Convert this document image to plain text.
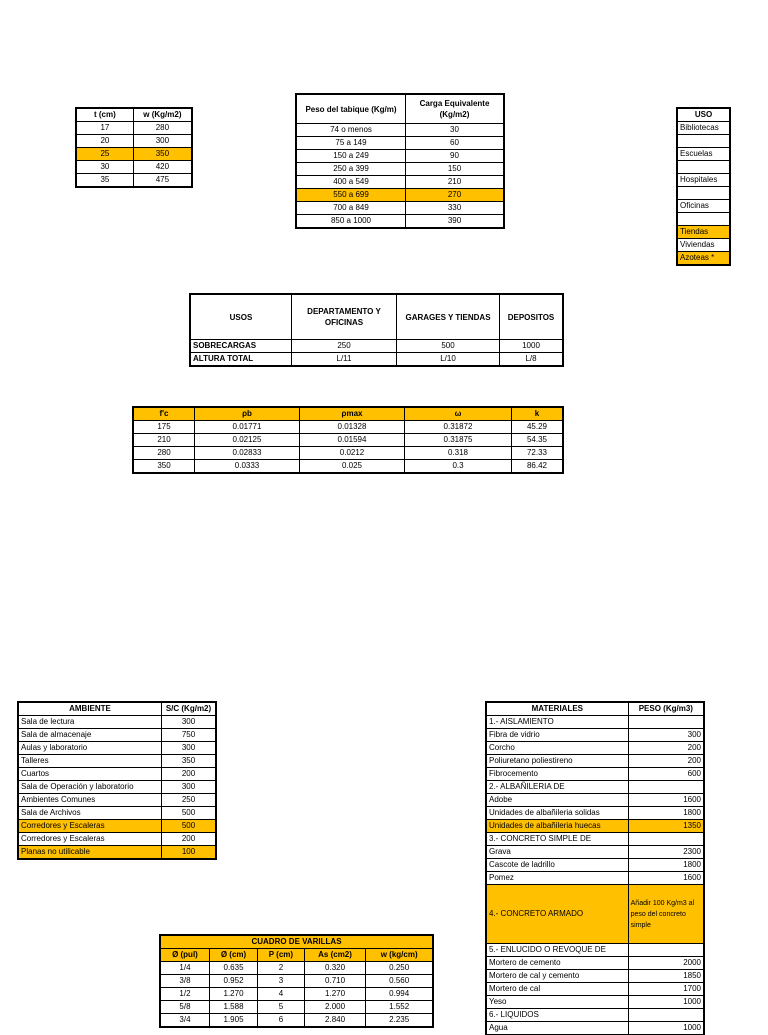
t (cm)	w (Kg/m2)
17	280
20	300
25	350
30	420
35	475
Peso del tabique (Kg/m)	Carga Equivalente (Kg/m2)
74 o menos	30
75 a 149	60
150 a 249	90
250 a 399	150
400 a 549	210
550 a 699	270
700 a 849	330
850 a 1000	390
USO
Bibliotecas

Escuelas

Hospitales

Oficinas

Tiendas
Viviendas
Azoteas *
USOS	DEPARTAMENTO Y OFICINAS	GARAGES Y TIENDAS	DEPOSITOS
SOBRECARGAS	250	500	1000
ALTURA TOTAL	L/11	L/10	L/8
f'c	ρb	ρmax	ω	k
175	0.01771	0.01328	0.31872	45.29
210	0.02125	0.01594	0.31875	54.35
280	0.02833	0.0212	0.318	72.33
350	0.0333	0.025	0.3	86.42
AMBIENTE	S/C (Kg/m2)
Sala de lectura	300
Sala de almacenaje	750
Aulas y laboratorio	300
Talleres	350
Cuartos	200
Sala de Operación y laboratorio	300
Ambientes Comunes	250
Sala de Archivos	500
Corredores y Escaleras	500
Corredores y Escaleras	200
Planas no utilicable	100
CUADRO DE VARILLAS				
Ø (pul)	Ø (cm)	P (cm)	As (cm2)	w (kg/cm)
1/4	0.635	2	0.320	0.250
3/8	0.952	3	0.710	0.560
1/2	1.270	4	1.270	0.994
5/8	1.588	5	2.000	1.552
3/4	1.905	6	2.840	2.235
MATERIALES	PESO (Kg/m3)
1.- AISLAMIENTO	
Fibra de vidrio	300
Corcho	200
Poliuretano poliestireno	200
Fibrocemento	600
2.- ALBAÑILERIA DE	
Adobe	1600
Unidades de albañileria solidas	1800
Unidades de albañileria huecas	1350
3.- CONCRETO SIMPLE DE	
Grava	2300
Cascote de ladrillo	1800
Pomez	1600
4.- CONCRETO ARMADO	Añadir 100 Kg/m3 al peso del concreto simple
5.- ENLUCIDO O REVOQUE DE	
Mortero de cemento	2000
Mortero de cal y cemento	1850
Mortero de cal	1700
Yeso	1000
6.- LIQUIDOS	
Agua	1000
